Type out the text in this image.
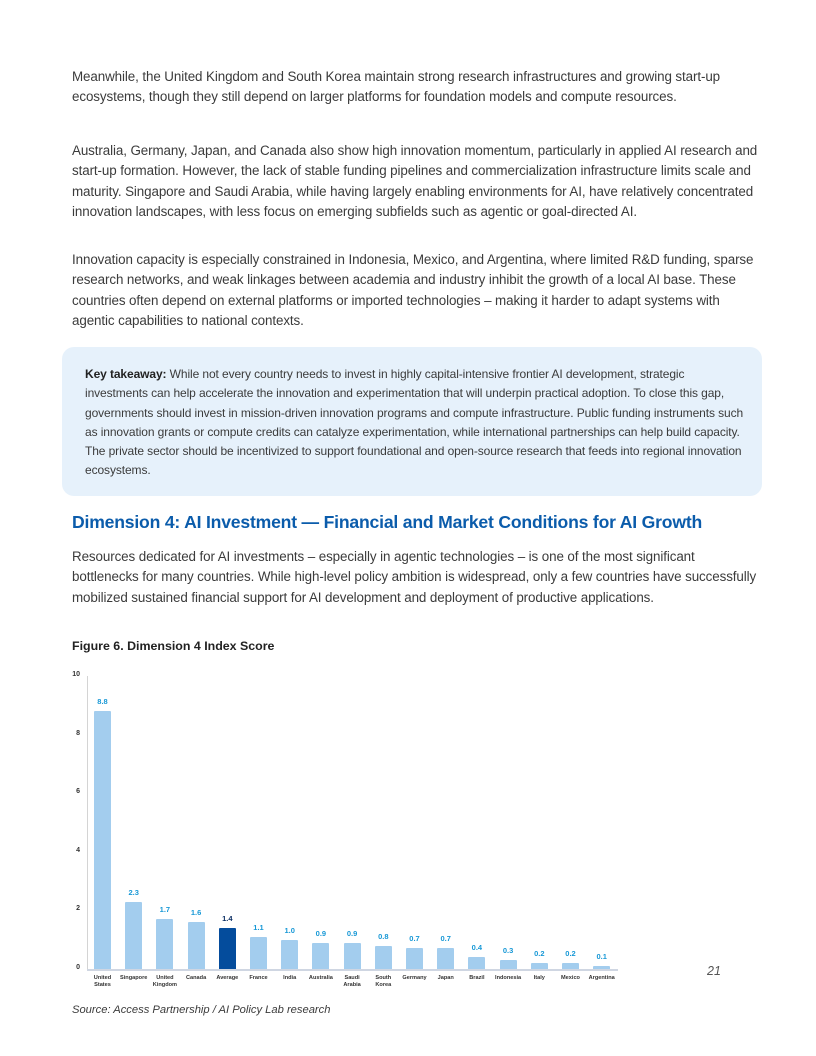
Meanwhile, the United Kingdom and South Korea maintain strong research infrastructures and growing start-up ecosystems, though they still depend on larger platforms for foundation models and compute resources.

Australia, Germany, Japan, and Canada also show high innovation momentum, particularly in applied AI research and start-up formation. However, the lack of stable funding pipelines and commercialization infrastructure limits scale and maturity. Singapore and Saudi Arabia, while having largely enabling environments for AI, have relatively concentrated innovation landscapes, with less focus on emerging subfields such as agentic or goal-directed AI.

Innovation capacity is especially constrained in Indonesia, Mexico, and Argentina, where limited R&D funding, sparse research networks, and weak linkages between academia and industry inhibit the growth of a local AI base. These countries often depend on external platforms or imported technologies – making it harder to adapt systems with agentic capabilities to national contexts.

Key takeaway: While not every country needs to invest in highly capital-intensive frontier AI development, strategic investments can help accelerate the innovation and experimentation that will underpin practical adoption. To close this gap, governments should invest in mission-driven innovation programs and compute infrastructure. Public funding instruments such as innovation grants or compute credits can catalyze experimentation, while international partnerships can help build capacity. The private sector should be incentivized to support foundational and open-source research that feeds into regional innovation ecosystems.

Dimension 4: AI Investment — Financial and Market Conditions for AI Growth

Resources dedicated for AI investments – especially in agentic technologies – is one of the most significant bottlenecks for many countries. While high-level policy ambition is widespread, only a few countries have successfully mobilized sustained financial support for AI development and deployment of productive applications.

Figure 6. Dimension 4 Index Score

0
2
4
6
8
10
8.8
United
States
2.3
Singapore
1.7
United
Kingdom
1.6
Canada
1.4
Average
1.1
France
1.0
India
0.9
Australia
0.9
Saudi
Arabia
0.8
South
Korea
0.7
Germany
0.7
Japan
0.4
Brazil
0.3
Indonesia
0.2
Italy
0.2
Mexico
0.1
Argentina

Source: Access Partnership / AI Policy Lab research

21
